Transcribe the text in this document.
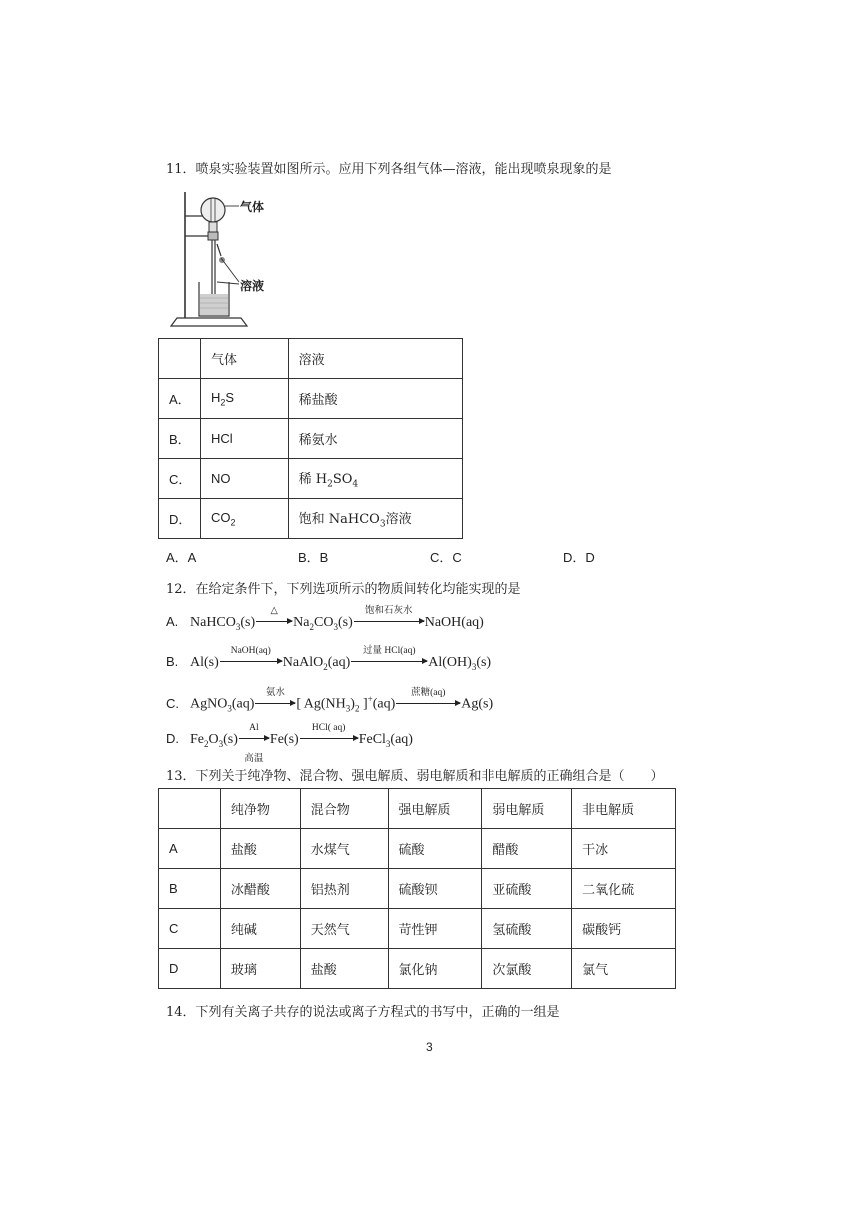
11．喷泉实验装置如图所示。应用下列各组气体—溶液，能出现喷泉现象的是
气体
溶液
	气体	溶液
A．	$H_2S$	稀盐酸
B．	HCl	稀氨水
C．	NO	稀 $H_2SO_4$
D．	$CO_2$	饱和 NaHCO$_3$溶液
A．A	B．B	C．C	D．D
12．在给定条件下，下列选项所示的物质间转化均能实现的是
A. NaHCO$_3$(s)
△
$Na_2CO_3(s)$
饱和石灰水
NaOH(aq)
B. Al(s)
NaOH(aq)
NaAlO$_2$(aq)
过量 HCl(aq)
$Al(OH)_3(s)$
C. AgNO$_3$(aq)
氨水
[ $Ag(NH_3)_2$ ]+(aq)
蔗糖(aq)
Ag(s)
D. $Fe_2O_3(s)$
Al
高温
Fe(s)
HCl( aq)
FeCl$_3$(aq)
13．下列关于纯净物、混合物、强电解质、弱电解质和非电解质的正确组合是（　　）
	纯净物	混合物	强电解质	弱电解质	非电解质
A	盐酸	水煤气	硫酸	醋酸	干冰
B	冰醋酸	铝热剂	硫酸钡	亚硫酸	二氧化硫
C	纯碱	天然气	苛性钾	氢硫酸	碳酸钙
D	玻璃	盐酸	氯化钠	次氯酸	氯气
14．下列有关离子共存的说法或离子方程式的书写中，正确的一组是
3
